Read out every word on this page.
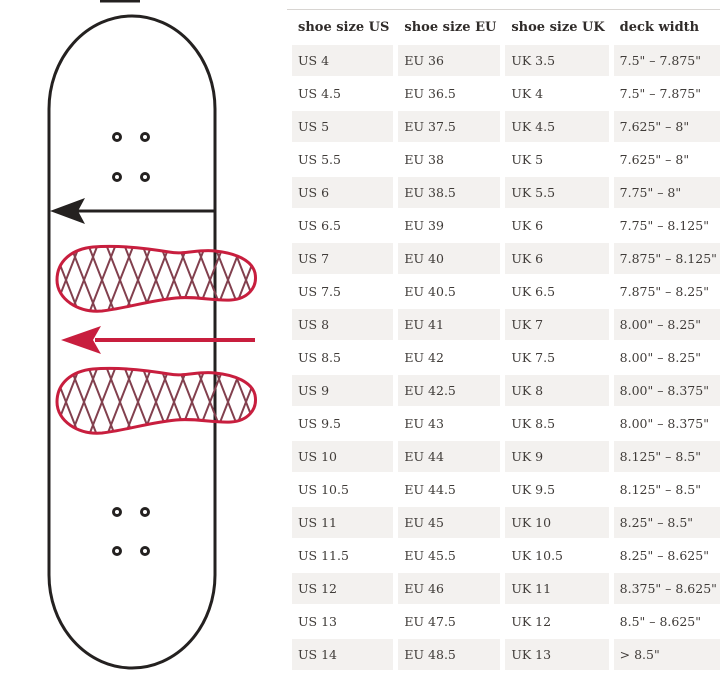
shoe size US	shoe size EU	shoe size UK	deck width
US 4	EU 36	UK 3.5	7.5" – 7.875"
US 4.5	EU 36.5	UK 4	7.5" – 7.875"
US 5	EU 37.5	UK 4.5	7.625" – 8"
US 5.5	EU 38	UK 5	7.625" – 8"
US 6	EU 38.5	UK 5.5	7.75" – 8"
US 6.5	EU 39	UK 6	7.75" – 8.125"
US 7	EU 40	UK 6	7.875" – 8.125"
US 7.5	EU 40.5	UK 6.5	7.875" – 8.25"
US 8	EU 41	UK 7	8.00" – 8.25"
US 8.5	EU 42	UK 7.5	8.00" – 8.25"
US 9	EU 42.5	UK 8	8.00" – 8.375"
US 9.5	EU 43	UK 8.5	8.00" – 8.375"
US 10	EU 44	UK 9	8.125" – 8.5"
US 10.5	EU 44.5	UK 9.5	8.125" – 8.5"
US 11	EU 45	UK 10	8.25" – 8.5"
US 11.5	EU 45.5	UK 10.5	8.25" – 8.625"
US 12	EU 46	UK 11	8.375" – 8.625"
US 13	EU 47.5	UK 12	8.5" – 8.625"
US 14	EU 48.5	UK 13	> 8.5"
